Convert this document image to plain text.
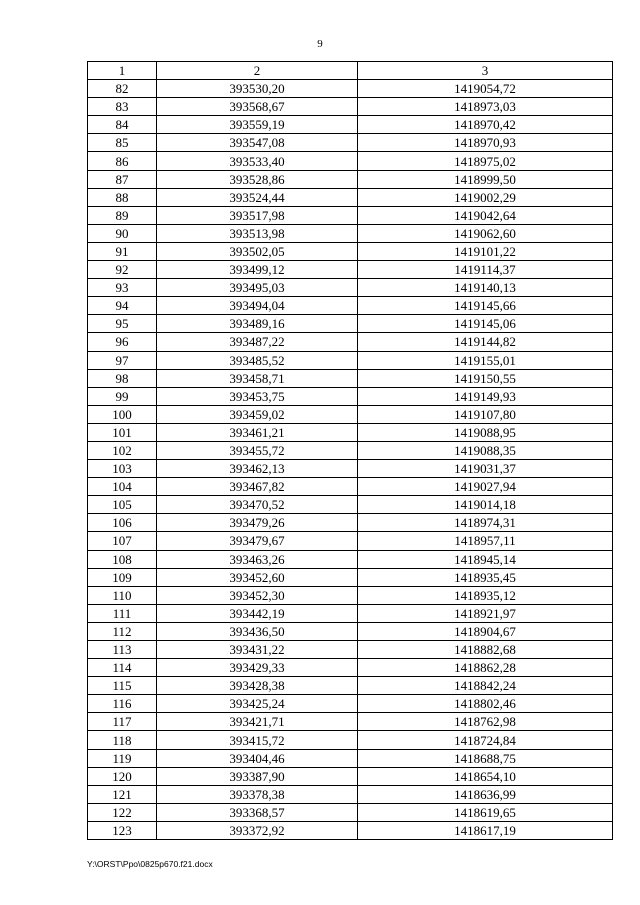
9
1	2	3
82	393530,20	1419054,72
83	393568,67	1418973,03
84	393559,19	1418970,42
85	393547,08	1418970,93
86	393533,40	1418975,02
87	393528,86	1418999,50
88	393524,44	1419002,29
89	393517,98	1419042,64
90	393513,98	1419062,60
91	393502,05	1419101,22
92	393499,12	1419114,37
93	393495,03	1419140,13
94	393494,04	1419145,66
95	393489,16	1419145,06
96	393487,22	1419144,82
97	393485,52	1419155,01
98	393458,71	1419150,55
99	393453,75	1419149,93
100	393459,02	1419107,80
101	393461,21	1419088,95
102	393455,72	1419088,35
103	393462,13	1419031,37
104	393467,82	1419027,94
105	393470,52	1419014,18
106	393479,26	1418974,31
107	393479,67	1418957,11
108	393463,26	1418945,14
109	393452,60	1418935,45
110	393452,30	1418935,12
111	393442,19	1418921,97
112	393436,50	1418904,67
113	393431,22	1418882,68
114	393429,33	1418862,28
115	393428,38	1418842,24
116	393425,24	1418802,46
117	393421,71	1418762,98
118	393415,72	1418724,84
119	393404,46	1418688,75
120	393387,90	1418654,10
121	393378,38	1418636,99
122	393368,57	1418619,65
123	393372,92	1418617,19
Y:\ORST\Ppo\0825p670.f21.docx
